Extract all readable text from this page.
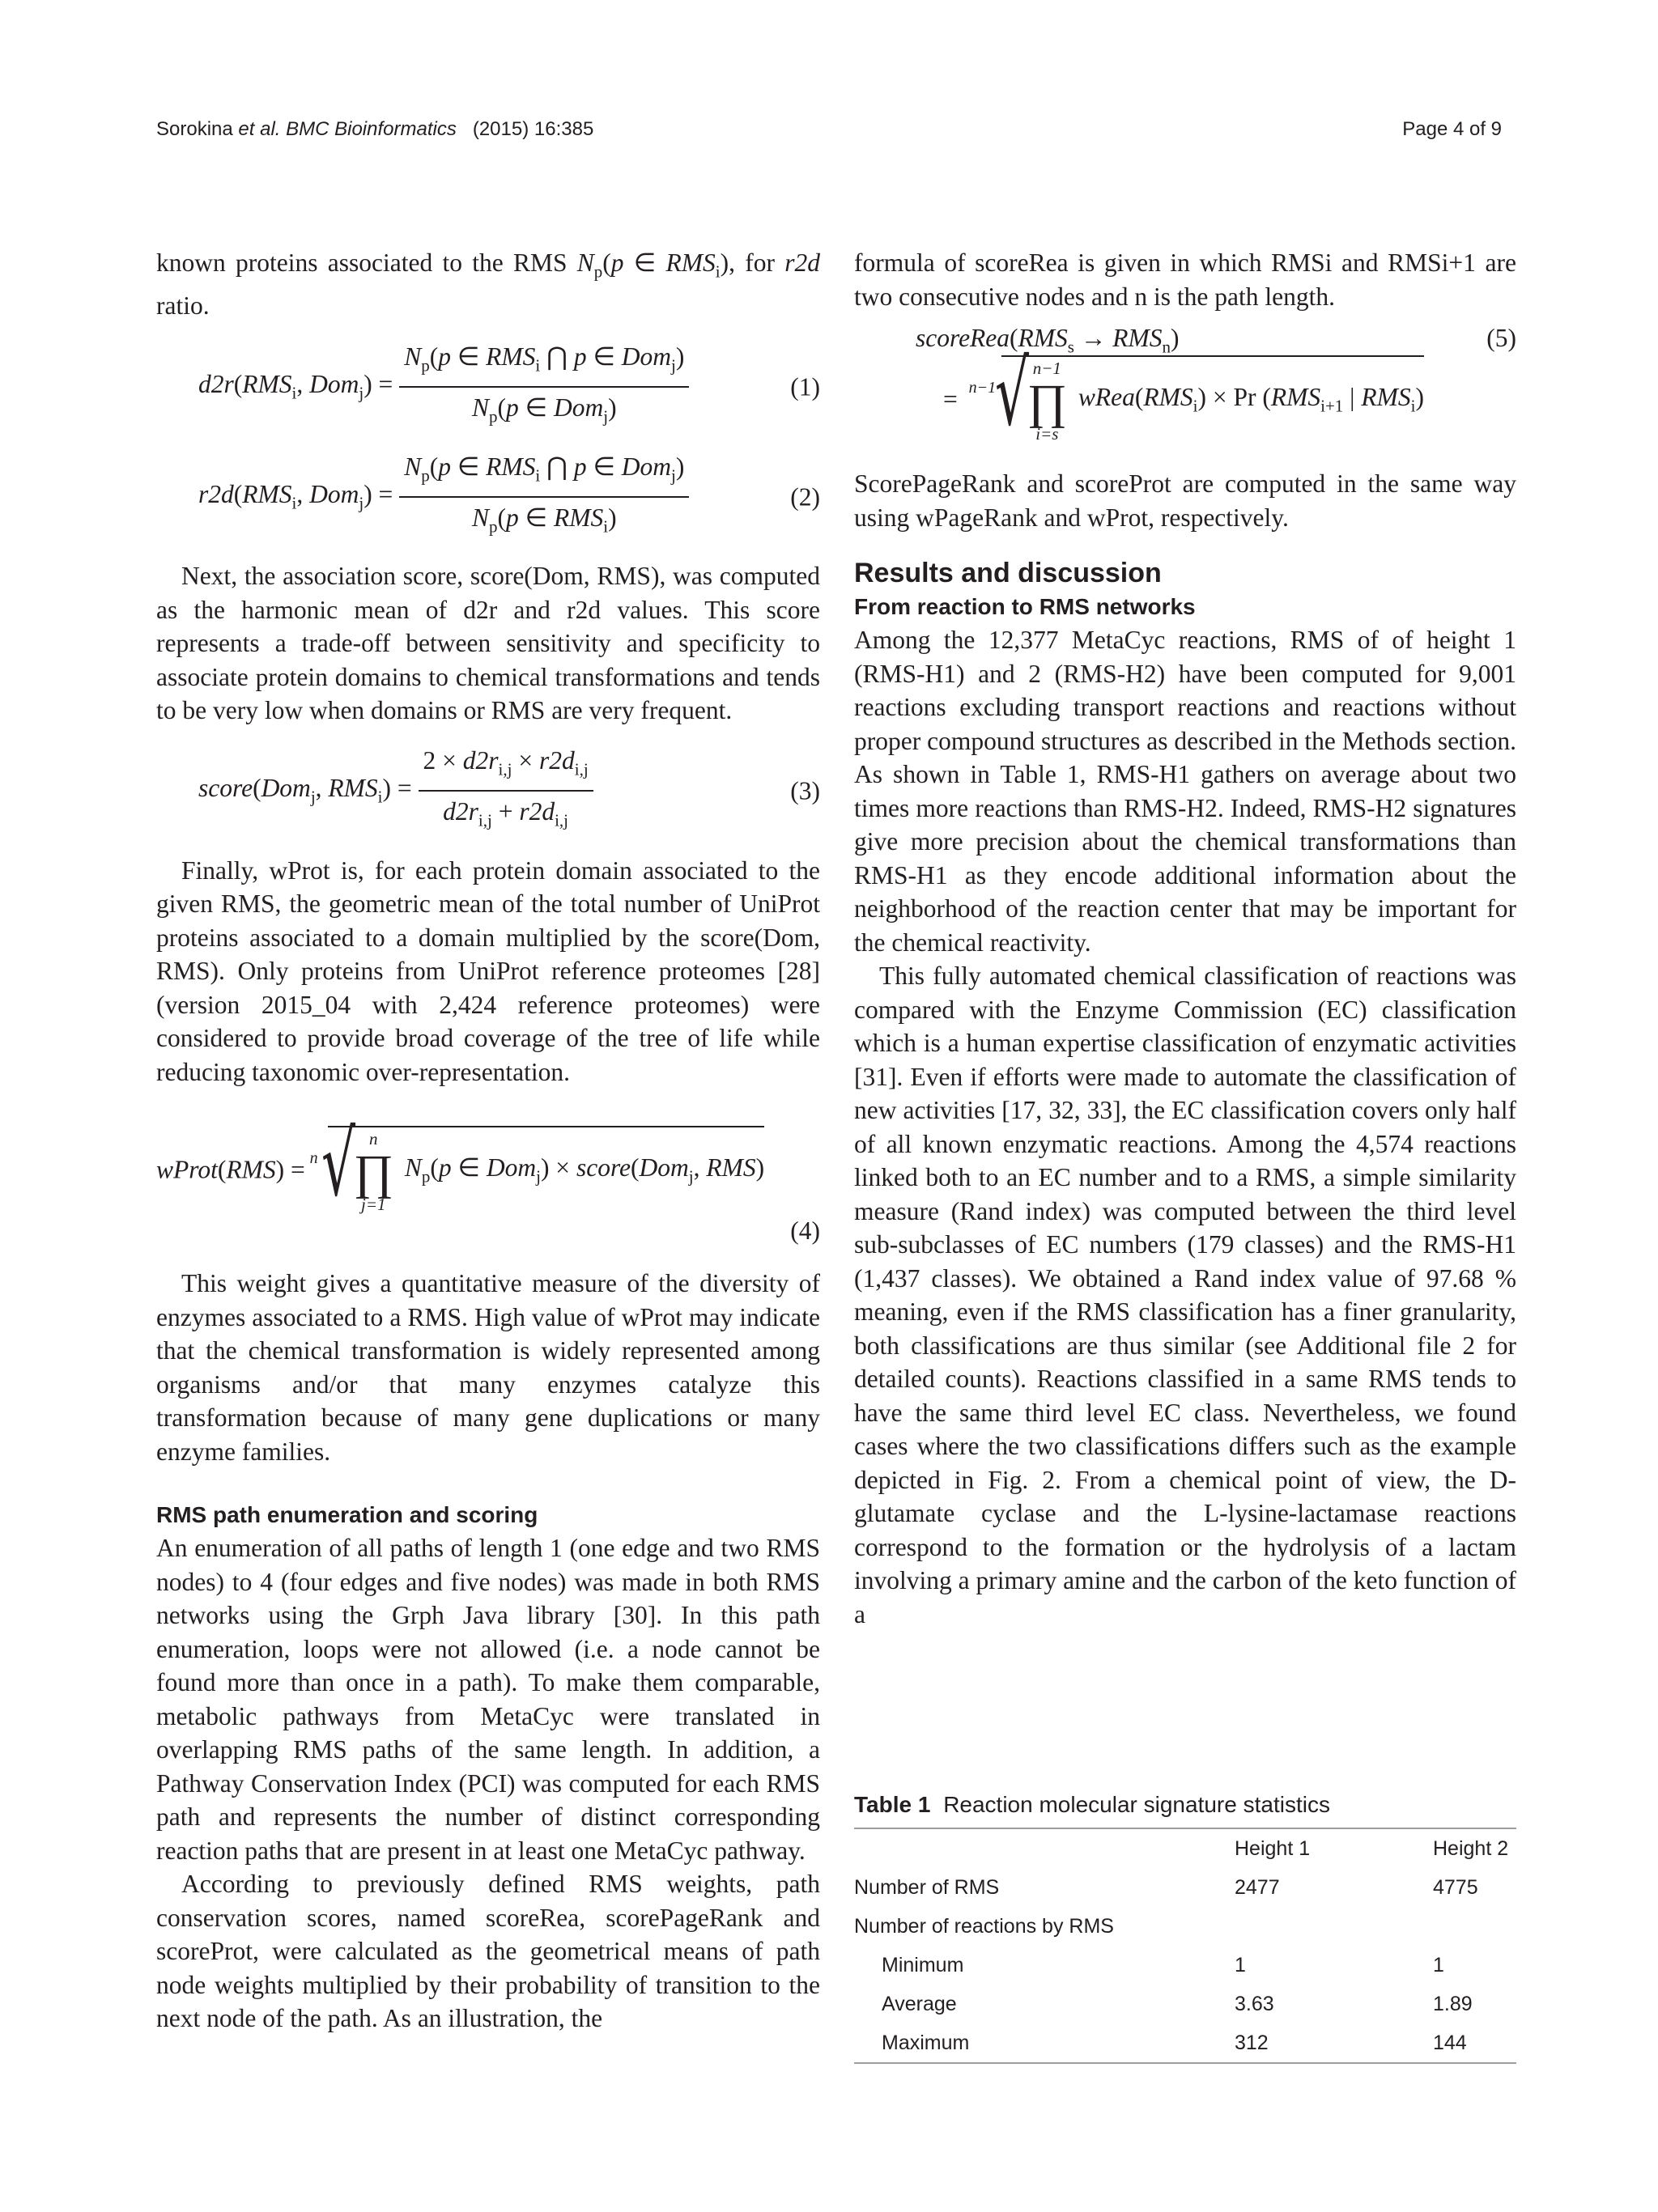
Sorokina et al. BMC Bioinformatics (2015) 16:385	Page 4 of 9

known proteins associated to the RMS $N_p(p$ ∈ $RMS_i$), for r2d ratio.

$d2r(RMS_i$, $Dom_j) = \frac{N_p(p \in RMS_i ⋂ p \in Dom_j)}{N_p(p \in Dom_j)}$	(1)
$r2d(RMS_i$, $Dom_j) = \frac{N_p(p \in RMS_i ⋂ p \in Dom_j)}{N_p(p \in RMS_i)}$	(2)

Next, the association score, score(Dom, RMS), was computed as the harmonic mean of d2r and r2d values. This score represents a trade-off between sensitivity and specificity to associate protein domains to chemical transformations and tends to be very low when domains or RMS are very frequent.

score(Dom$_j$, $RMS_i) = \frac{2 \times d2r_{i,j} \times r2d_{i,j}}{d2r_{i,j} + r2d_{i,j}}$	(3)

Finally, wProt is, for each protein domain associated to the given RMS, the geometric mean of the total number of UniProt proteins associated to a domain multiplied by the score(Dom, RMS). Only proteins from UniProt reference proteomes [28] (version 2015_04 with 2,424 reference proteomes) were considered to provide broad coverage of the tree of life while reducing taxonomic over-representation.

wProt(RMS) = √ n
n
∏
j=1
$N_p(p$ ∈ Dom$_j$) × score(Dom$_j$, RMS)
(4)

This weight gives a quantitative measure of the diversity of enzymes associated to a RMS. High value of wProt may indicate that the chemical transformation is widely represented among organisms and/or that many enzymes catalyze this transformation because of many gene duplications or many enzyme families.

RMS path enumeration and scoring

An enumeration of all paths of length 1 (one edge and two RMS nodes) to 4 (four edges and five nodes) was made in both RMS networks using the Grph Java library [30]. In this path enumeration, loops were not allowed (i.e. a node cannot be found more than once in a path). To make them comparable, metabolic pathways from MetaCyc were translated in overlapping RMS paths of the same length. In addition, a Pathway Conservation Index (PCI) was computed for each RMS path and represents the number of distinct corresponding reaction paths that are present in at least one MetaCyc pathway.

According to previously defined RMS weights, path conservation scores, named scoreRea, scorePageRank and scoreProt, were calculated as the geometrical means of path node weights multiplied by their probability of transition to the next node of the path. As an illustration, the

formula of scoreRea is given in which RMSi and RMSi+1 are two consecutive nodes and n is the path length.

$scoreRea(RMS_s \to RMS_n)$	(5)
= √ n−1
n−1
∏
i=s
$wRea(RMS_i) \times Pr$ ($RMS_{i+1}$ | $RMS_i$)

ScorePageRank and scoreProt are computed in the same way using wPageRank and wProt, respectively.

Results and discussion
From reaction to RMS networks

Among the 12,377 MetaCyc reactions, RMS of of height 1 (RMS-H1) and 2 (RMS-H2) have been computed for 9,001 reactions excluding transport reactions and reactions without proper compound structures as described in the Methods section. As shown in Table 1, RMS-H1 gathers on average about two times more reactions than RMS-H2. Indeed, RMS-H2 signatures give more precision about the chemical transformations than RMS-H1 as they encode additional information about the neighborhood of the reaction center that may be important for the chemical reactivity.

This fully automated chemical classification of reactions was compared with the Enzyme Commission (EC) classification which is a human expertise classification of enzymatic activities [31]. Even if efforts were made to automate the classification of new activities [17, 32, 33], the EC classification covers only half of all known enzymatic reactions. Among the 4,574 reactions linked both to an EC number and to a RMS, a simple similarity measure (Rand index) was computed between the third level sub-subclasses of EC numbers (179 classes) and the RMS-H1 (1,437 classes). We obtained a Rand index value of 97.68 % meaning, even if the RMS classification has a finer granularity, both classifications are thus similar (see Additional file 2 for detailed counts). Reactions classified in a same RMS tends to have the same third level EC class. Nevertheless, we found cases where the two classifications differs such as the example depicted in Fig. 2. From a chemical point of view, the D-glutamate cyclase and the L-lysine-lactamase reactions correspond to the formation or the hydrolysis of a lactam involving a primary amine and the carbon of the keto function of a

Table 1 Reaction molecular signature statistics
	Height 1	Height 2
Number of RMS	2477	4775
Number of reactions by RMS		
Minimum	1	1
Average	3.63	1.89
Maximum	312	144
